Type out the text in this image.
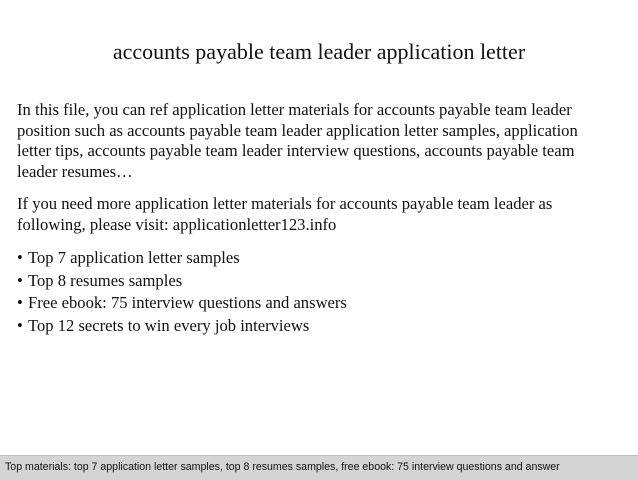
accounts payable team leader application letter

In this file, you can ref application letter materials for accounts payable team leader
position such as accounts payable team leader application letter samples, application
letter tips, accounts payable team leader interview questions, accounts payable team
leader resumes…

If you need more application letter materials for accounts payable team leader as
following, please visit: applicationletter123.info

• Top 7 application letter samples
• Top 8 resumes samples
• Free ebook: 75 interview questions and answers
• Top 12 secrets to win every job interviews
Top materials: top 7 application letter samples, top 8 resumes samples, free ebook: 75 interview questions and answer
